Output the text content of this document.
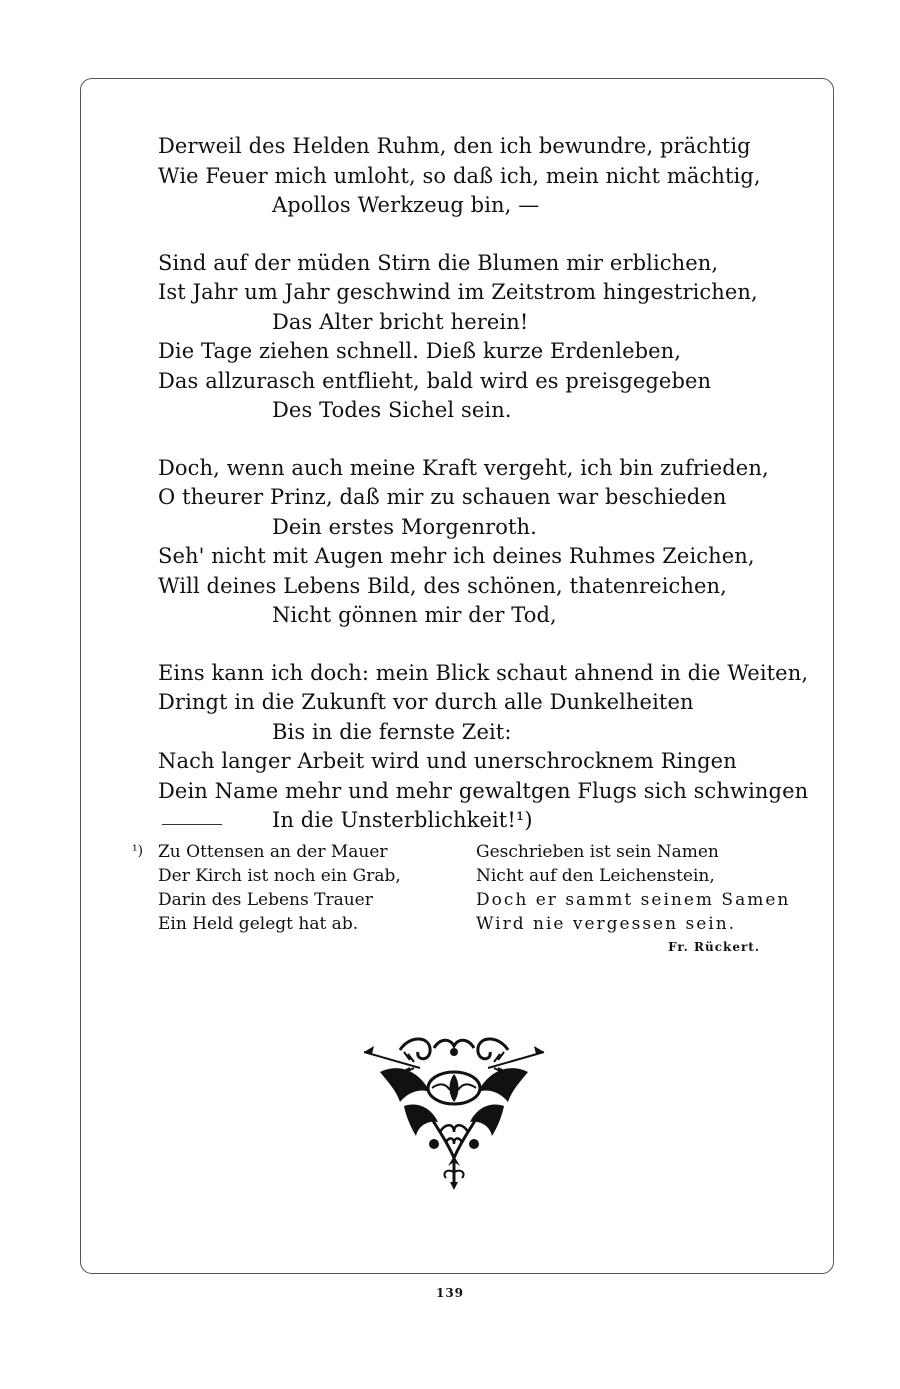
Derweil des Helden Ruhm, den ich bewundre, prächtig
Wie Feuer mich umloht, so daß ich, mein nicht mächtig,
Apollos Werkzeug bin, —
Sind auf der müden Stirn die Blumen mir erblichen,
Ist Jahr um Jahr geschwind im Zeitstrom hingestrichen,
Das Alter bricht herein!
Die Tage ziehen schnell. Dieß kurze Erdenleben,
Das allzurasch entflieht, bald wird es preisgegeben
Des Todes Sichel sein.
Doch, wenn auch meine Kraft vergeht, ich bin zufrieden,
O theurer Prinz, daß mir zu schauen war beschieden
Dein erstes Morgenroth.
Seh' nicht mit Augen mehr ich deines Ruhmes Zeichen,
Will deines Lebens Bild, des schönen, thatenreichen,
Nicht gönnen mir der Tod,
Eins kann ich doch: mein Blick schaut ahnend in die Weiten,
Dringt in die Zukunft vor durch alle Dunkelheiten
Bis in die fernste Zeit:
Nach langer Arbeit wird und unerschrocknem Ringen
Dein Name mehr und mehr gewaltgen Flugs sich schwingen
In die Unsterblichkeit!¹)
¹) Zu Ottensen an der Mauer
Der Kirch ist noch ein Grab,
Darin des Lebens Trauer
Ein Held gelegt hat ab.
Geschrieben ist sein Namen
Nicht auf den Leichenstein,
Doch er sammt seinem Samen
Wird nie vergessen sein.
Fr. Rückert.
139
